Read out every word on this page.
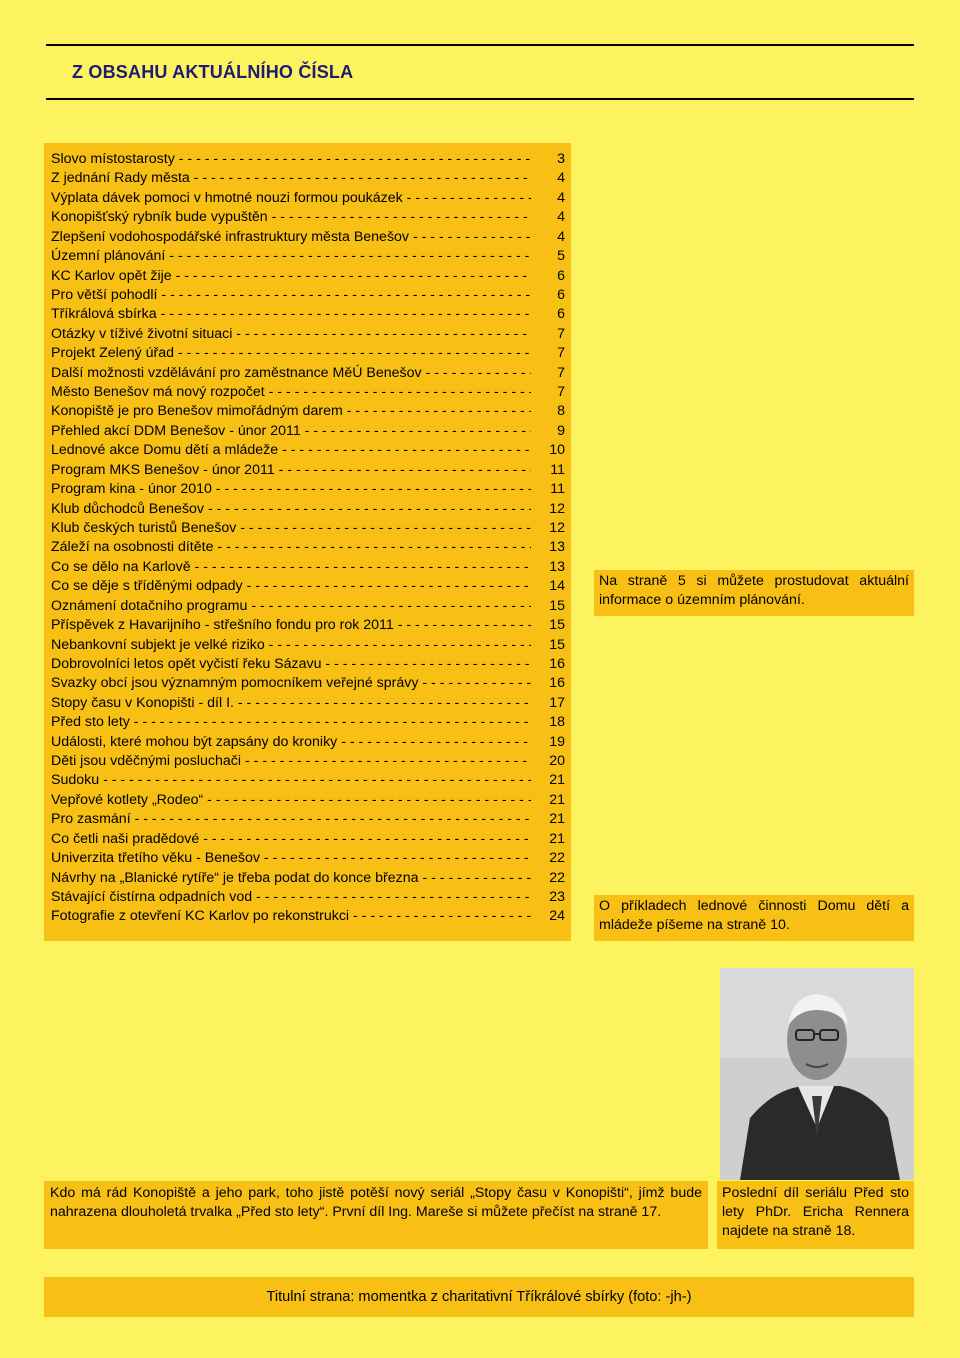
Z OBSAHU AKTUÁLNÍHO ČÍSLA
Slovo místostarosty - - -	3
Z jednání Rady města - - -	4
Výplata dávek pomoci v hmotné nouzi formou poukázek - - -	4
Konopišťský rybník bude vypuštěn - - -	4
Zlepšení vodohospodářské infrastruktury města Benešov - - -	4
Územní plánování - - -	5
KC Karlov opět žije - - -	6
Pro větší pohodlí - - -	6
Tříkrálová sbírka - - -	6
Otázky v tíživé životní situaci - - -	7
Projekt Zelený úřad - - -	7
Další možnosti vzdělávání pro zaměstnance MěÚ Benešov - - -	7
Město Benešov má nový rozpočet - - -	7
Konopiště je pro Benešov mimořádným darem - - -	8
Přehled akcí DDM Benešov - únor 2011 - - -	9
Lednové akce Domu dětí a mládeže - - -	10
Program MKS Benešov - únor 2011 - - -	11
Program kina - únor 2010 - - -	11
Klub důchodců Benešov - - -	12
Klub českých turistů Benešov - - -	12
Záleží na osobnosti dítěte - - -	13
Co se dělo na Karlově - - -	13
Co se děje s tříděnými odpady - - -	14
Oznámení dotačního programu - - -	15
Příspěvek z Havarijního - střešního fondu pro rok 2011 - - -	15
Nebankovní subjekt je velké riziko - - -	15
Dobrovolníci letos opět vyčistí řeku Sázavu - - -	16
Svazky obcí jsou významným pomocníkem veřejné správy - - -	16
Stopy času v Konopišti - díl I. - - -	17
Před sto lety - - -	18
Události, které mohou být zapsány do kroniky - - -	19
Děti jsou vděčnými posluchači - - -	20
Sudoku - - -	21
Vepřové kotlety „Rodeo“ - - -	21
Pro zasmání - - -	21
Co četli naši pradědové - - -	21
Univerzita třetího věku - Benešov - - -	22
Návrhy na „Blanické rytíře“ je třeba podat do konce března - - -	22
Stávající čistírna odpadních vod - - -	23
Fotografie z otevření KC Karlov po rekonstrukci - - -	24
Na straně 5 si můžete prostudovat aktuální informace o územním plánování.
O příkladech lednové činnosti Domu dětí a mládeže píšeme na straně 10.
Kdo má rád Konopiště a jeho park, toho jistě potěší nový seriál „Stopy času v Konopišti“, jímž bude nahrazena dlouholetá trvalka „Před sto lety“. První díl Ing. Mareše si můžete přečíst na straně 17.
Poslední díl seriálu Před sto lety PhDr. Ericha Rennera najdete na straně 18.
Titulní strana: momentka z charitativní Tříkrálové sbírky (foto: -jh-)
